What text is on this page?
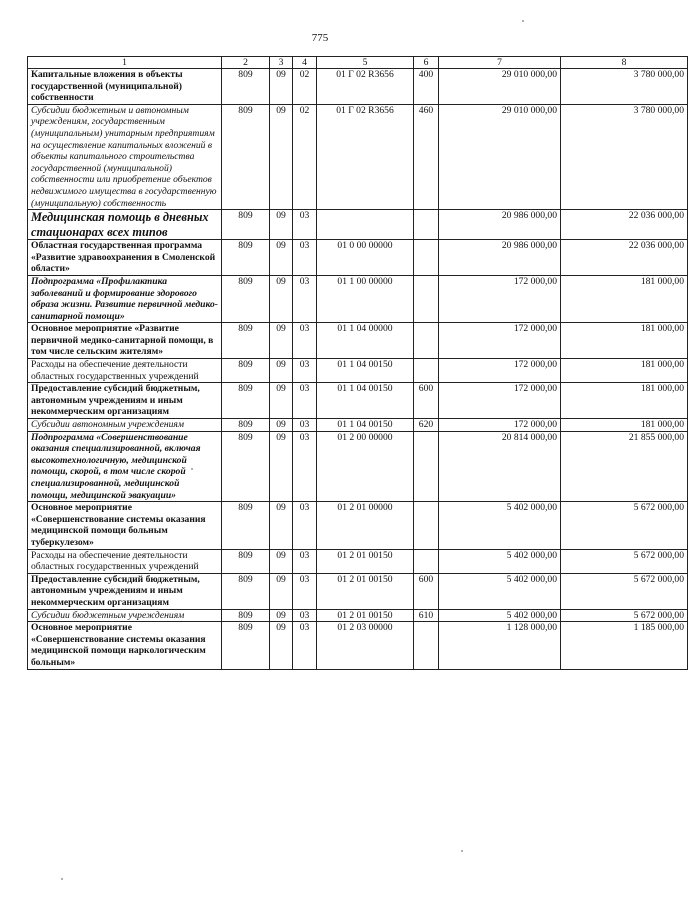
775
1	2	3	4	5	6	7	8
Капитальные вложения в объекты государственной (муниципальной) собственности	809	09	02	01 Г 02 R3656	400	29 010 000,00	3 780 000,00
Субсидии бюджетным и автономным учреждениям, государственным (муниципальным) унитарным предприятиям на осуществление капитальных вложений в объекты капитального строительства государственной (муниципальной) собственности или приобретение объектов недвижимого имущества в государственную (муниципальную) собственность	809	09	02	01 Г 02 R3656	460	29 010 000,00	3 780 000,00
Медицинская помощь в дневных стационарах всех типов	809	09	03			20 986 000,00	22 036 000,00
Областная государственная программа «Развитие здравоохранения в Смоленской области»	809	09	03	01 0 00 00000		20 986 000,00	22 036 000,00
Подпрограмма «Профилактика заболеваний и формирование здорового образа жизни. Развитие первичной медико-санитарной помощи»	809	09	03	01 1 00 00000		172 000,00	181 000,00
Основное мероприятие «Развитие первичной медико-санитарной помощи, в том числе сельским жителям»	809	09	03	01 1 04 00000		172 000,00	181 000,00
Расходы на обеспечение деятельности областных государственных учреждений	809	09	03	01 1 04 00150		172 000,00	181 000,00
Предоставление субсидий бюджетным, автономным учреждениям и иным некоммерческим организациям	809	09	03	01 1 04 00150	600	172 000,00	181 000,00
Субсидии автономным учреждениям	809	09	03	01 1 04 00150	620	172 000,00	181 000,00
Подпрограмма «Совершенствование оказания специализированной, включая высокотехнологичную, медицинской помощи, скорой, в том числе скорой специализированной, медицинской помощи, медицинской эвакуации»	809	09	03	01 2 00 00000		20 814 000,00	21 855 000,00
Основное мероприятие «Совершенствование системы оказания медицинской помощи больным туберкулезом»	809	09	03	01 2 01 00000		5 402 000,00	5 672 000,00
Расходы на обеспечение деятельности областных государственных учреждений	809	09	03	01 2 01 00150		5 402 000,00	5 672 000,00
Предоставление субсидий бюджетным, автономным учреждениям и иным некоммерческим организациям	809	09	03	01 2 01 00150	600	5 402 000,00	5 672 000,00
Субсидии бюджетным учреждениям	809	09	03	01 2 01 00150	610	5 402 000,00	5 672 000,00
Основное мероприятие «Совершенствование системы оказания медицинской помощи наркологическим больным»	809	09	03	01 2 03 00000		1 128 000,00	1 185 000,00
